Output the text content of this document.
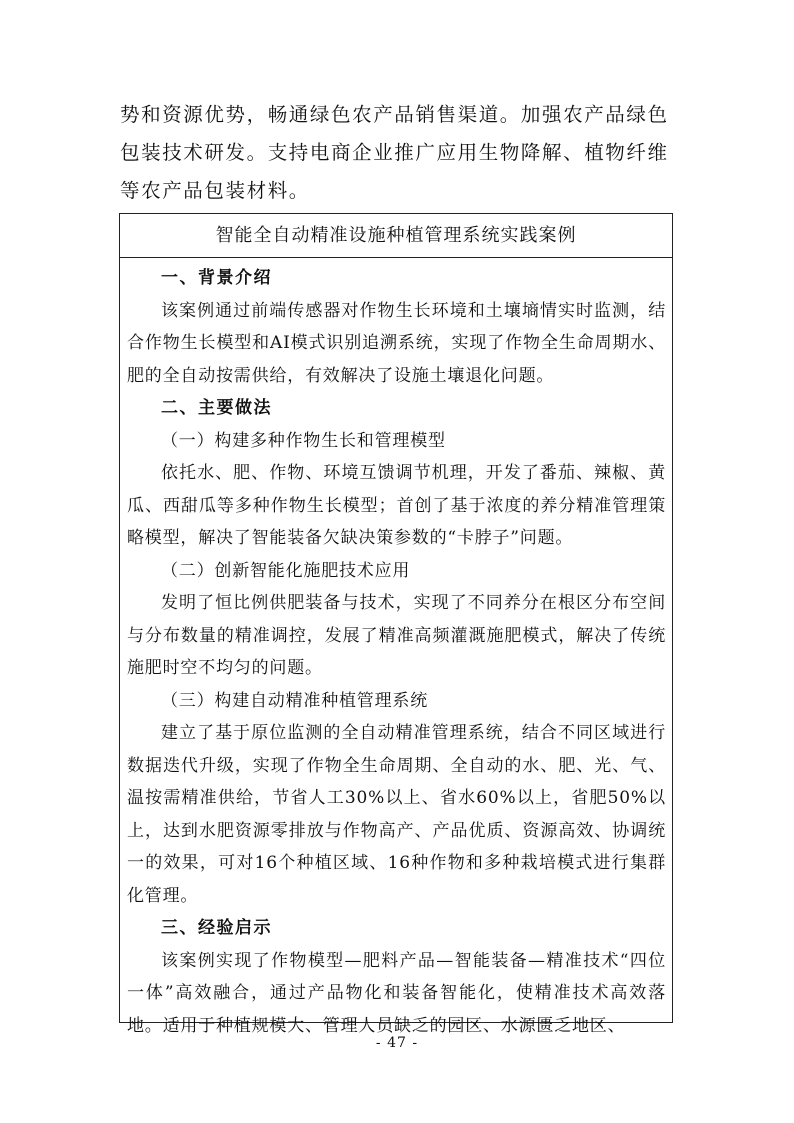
势和资源优势，畅通绿色农产品销售渠道。加强农产品绿色

包装技术研发。支持电商企业推广应用生物降解、植物纤维

等农产品包装材料。

智能全自动精准设施种植管理系统实践案例

一、背景介绍

该案例通过前端传感器对作物生长环境和土壤墒情实时监测，结合作物生长模型和AI模式识别追溯系统，实现了作物全生命周期水、肥的全自动按需供给，有效解决了设施土壤退化问题。

二、主要做法

（一）构建多种作物生长和管理模型

依托水、肥、作物、环境互馈调节机理，开发了番茄、辣椒、黄瓜、西甜瓜等多种作物生长模型；首创了基于浓度的养分精准管理策略模型，解决了智能装备欠缺决策参数的“卡脖子”问题。

（二）创新智能化施肥技术应用

发明了恒比例供肥装备与技术，实现了不同养分在根区分布空间与分布数量的精准调控，发展了精准高频灌溉施肥模式，解决了传统施肥时空不均匀的问题。

（三）构建自动精准种植管理系统

建立了基于原位监测的全自动精准管理系统，结合不同区域进行数据迭代升级，实现了作物全生命周期、全自动的水、肥、光、气、温按需精准供给，节省人工30%以上、省水60%以上，省肥50%以上，达到水肥资源零排放与作物高产、产品优质、资源高效、协调统一的效果，可对16个种植区域、16种作物和多种栽培模式进行集群化管理。

三、经验启示

该案例实现了作物模型—肥料产品—智能装备—精准技术“四位一体”高效融合，通过产品物化和装备智能化，使精准技术高效落地。适用于种植规模大、管理人员缺乏的园区、水源匮乏地区、

- 47 -
